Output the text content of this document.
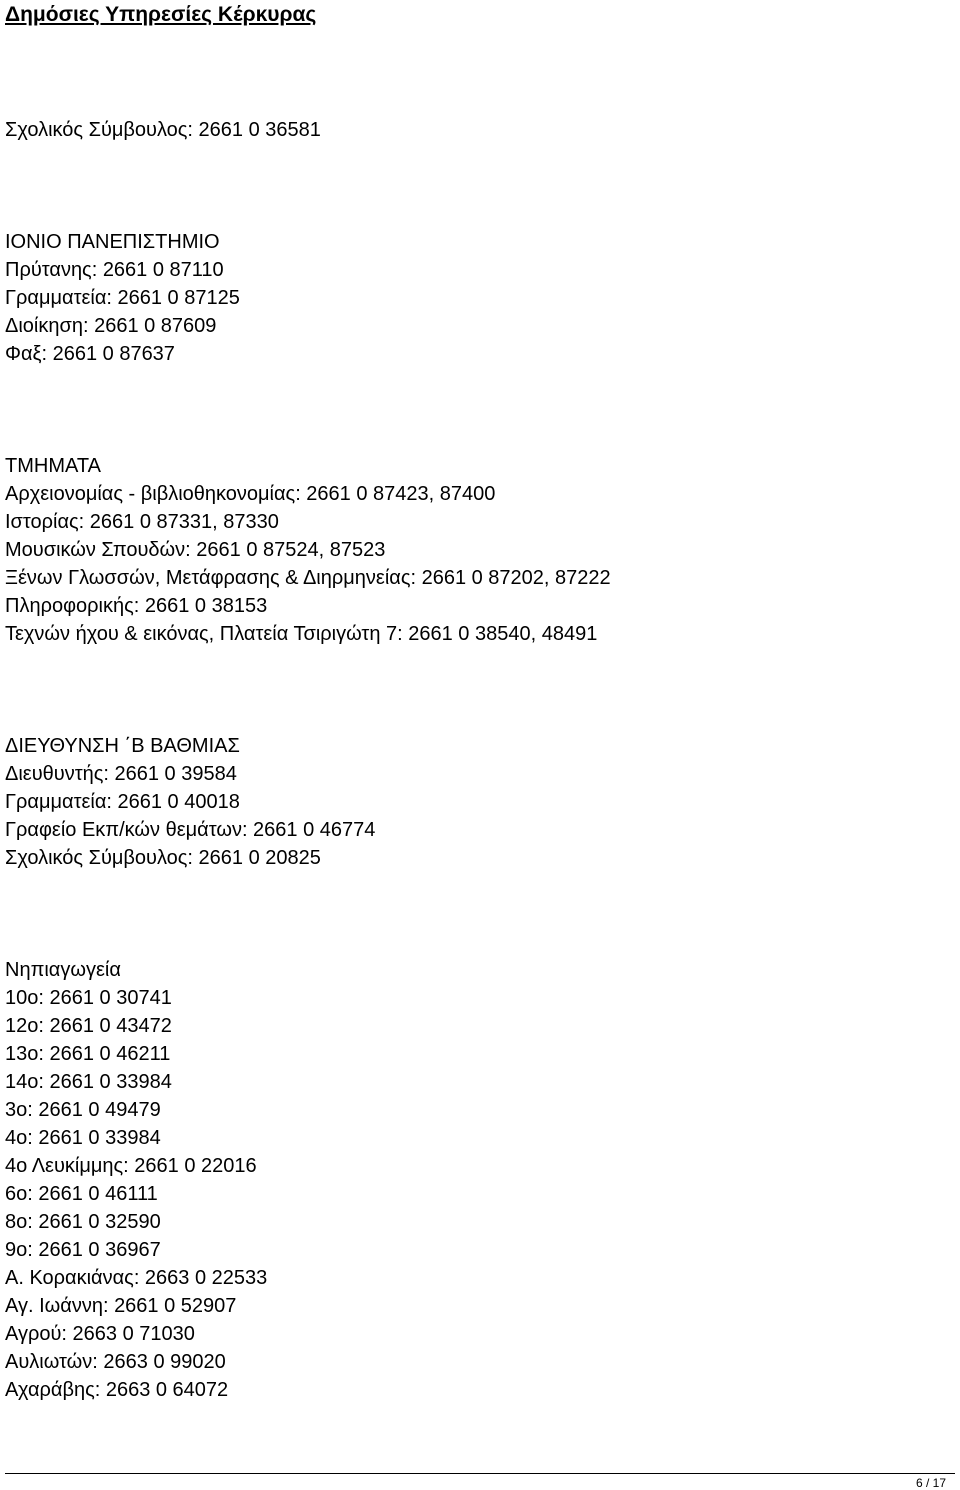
Δημόσιες Υπηρεσίες Κέρκυρας
Σχολικός Σύμβουλος: 2661 0 36581
ΙΟΝΙΟ ΠΑΝΕΠΙΣΤΗΜΙΟ
Πρύτανης: 2661 0 87110
Γραμματεία: 2661 0 87125
Διοίκηση: 2661 0 87609
Φαξ: 2661 0 87637
ΤΜΗΜΑΤΑ
Αρχειονομίας - βιβλιοθηκονομίας: 2661 0 87423, 87400
Ιστορίας: 2661 0 87331, 87330
Μουσικών Σπουδών: 2661 0 87524, 87523
Ξένων Γλωσσών, Μετάφρασης & Διηρμηνείας: 2661 0 87202, 87222
Πληροφορικής: 2661 0 38153
Τεχνών ήχου & εικόνας, Πλατεία Τσιριγώτη 7: 2661 0 38540, 48491
ΔΙΕΥΘΥΝΣΗ ΄Β ΒΑΘΜΙΑΣ
Διευθυντής: 2661 0 39584
Γραμματεία: 2661 0 40018
Γραφείο Εκπ/κών θεμάτων: 2661 0 46774
Σχολικός Σύμβουλος: 2661 0 20825
Νηπιαγωγεία
10ο: 2661 0 30741
12ο: 2661 0 43472
13ο: 2661 0 46211
14ο: 2661 0 33984
3ο: 2661 0 49479
4ο: 2661 0 33984
4ο Λευκίμμης: 2661 0 22016
6ο: 2661 0 46111
8ο: 2661 0 32590
9ο: 2661 0 36967
Α. Κορακιάνας: 2663 0 22533
Αγ. Ιωάννη: 2661 0 52907
Αγρού: 2663 0 71030
Αυλιωτών: 2663 0 99020
Αχαράβης: 2663 0 64072
6 / 17
